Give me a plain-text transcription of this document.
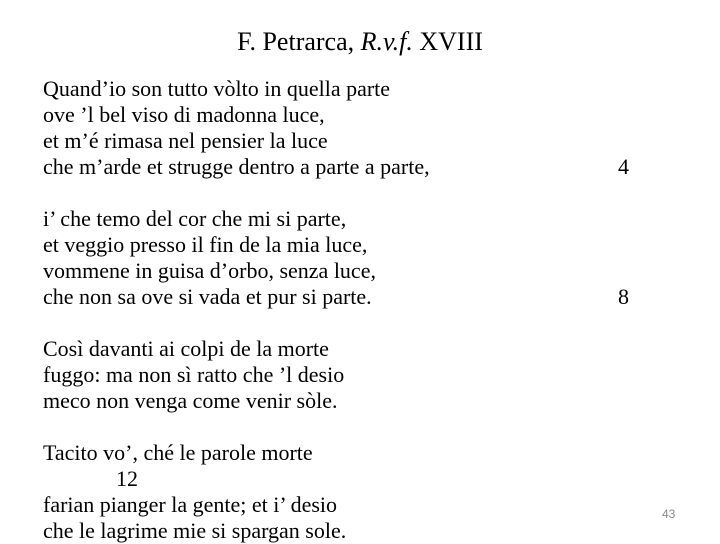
F. Petrarca, R.v.f. XVIII
Quand’io son tutto vòlto in quella parte
ove ’l bel viso di madonna luce,
et m’é rimasa nel pensier la luce
che m’arde et strugge dentro a parte a parte,	4
i’ che temo del cor che mi si parte,
et veggio presso il fin de la mia luce,
vommene in guisa d’orbo, senza luce,
che non sa ove si vada et pur si parte.	8
Così davanti ai colpi de la morte
fuggo: ma non sì ratto che ’l desio
meco non venga come venir sòle.
Tacito vo’, ché le parole morte
12
farian pianger la gente; et i’ desio
che le lagrime mie si spargan sole.
43
